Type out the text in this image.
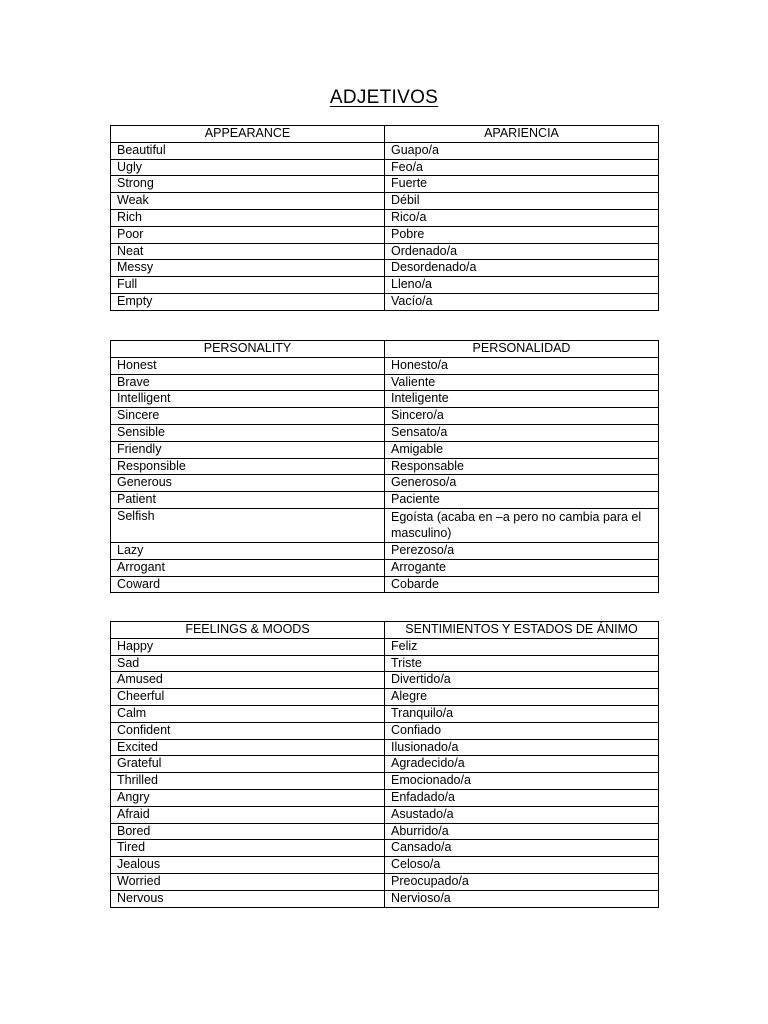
ADJETIVOS
APPEARANCE	APARIENCIA
Beautiful	Guapo/a
Ugly	Feo/a
Strong	Fuerte
Weak	Débil
Rich	Rico/a
Poor	Pobre
Neat	Ordenado/a
Messy	Desordenado/a
Full	Lleno/a
Empty	Vacío/a
PERSONALITY	PERSONALIDAD
Honest	Honesto/a
Brave	Valiente
Intelligent	Inteligente
Sincere	Sincero/a
Sensible	Sensato/a
Friendly	Amigable
Responsible	Responsable
Generous	Generoso/a
Patient	Paciente
Selfish	Egoísta (acaba en –a pero no cambia para el masculino)
Lazy	Perezoso/a
Arrogant	Arrogante
Coward	Cobarde
FEELINGS & MOODS	SENTIMIENTOS Y ESTADOS DE ÁNIMO
Happy	Feliz
Sad	Triste
Amused	Divertido/a
Cheerful	Alegre
Calm	Tranquilo/a
Confident	Confiado
Excited	Ilusionado/a
Grateful	Agradecido/a
Thrilled	Emocionado/a
Angry	Enfadado/a
Afraid	Asustado/a
Bored	Aburrido/a
Tired	Cansado/a
Jealous	Celoso/a
Worried	Preocupado/a
Nervous	Nervioso/a
